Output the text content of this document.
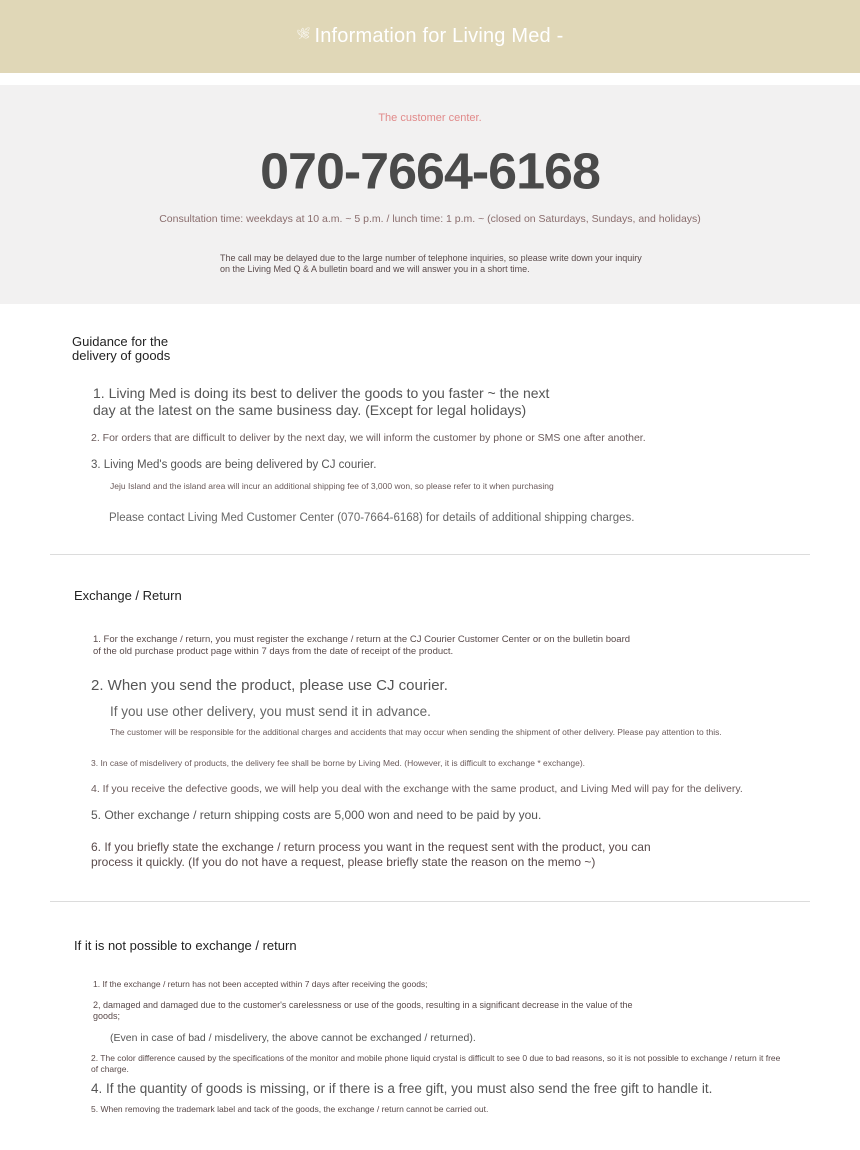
🌿︎ Information for Living Med -
The customer center.
070-7664-6168
Consultation time: weekdays at 10 a.m. ~ 5 p.m. / lunch time: 1 p.m. ~ (closed on Saturdays, Sundays, and holidays)
The call may be delayed due to the large number of telephone inquiries, so please write down your inquiry on the Living Med Q & A bulletin board and we will answer you in a short time.
Guidance for the delivery of goods
1. Living Med is doing its best to deliver the goods to you faster ~ the next day at the latest on the same business day. (Except for legal holidays)
2. For orders that are difficult to deliver by the next day, we will inform the customer by phone or SMS one after another.
3. Living Med's goods are being delivered by CJ courier.
Jeju Island and the island area will incur an additional shipping fee of 3,000 won, so please refer to it when purchasing
Please contact Living Med Customer Center (070-7664-6168) for details of additional shipping charges.
Exchange / Return
1. For the exchange / return, you must register the exchange / return at the CJ Courier Customer Center or on the bulletin board of the old purchase product page within 7 days from the date of receipt of the product.
2. When you send the product, please use CJ courier.
If you use other delivery, you must send it in advance.
The customer will be responsible for the additional charges and accidents that may occur when sending the shipment of other delivery. Please pay attention to this.
3. In case of misdelivery of products, the delivery fee shall be borne by Living Med. (However, it is difficult to exchange * exchange).
4. If you receive the defective goods, we will help you deal with the exchange with the same product, and Living Med will pay for the delivery.
5. Other exchange / return shipping costs are 5,000 won and need to be paid by you.
6. If you briefly state the exchange / return process you want in the request sent with the product, you can process it quickly. (If you do not have a request, please briefly state the reason on the memo ~)
If it is not possible to exchange / return
1. If the exchange / return has not been accepted within 7 days after receiving the goods;
2, damaged and damaged due to the customer's carelessness or use of the goods, resulting in a significant decrease in the value of the goods;
(Even in case of bad / misdelivery, the above cannot be exchanged / returned).
2. The color difference caused by the specifications of the monitor and mobile phone liquid crystal is difficult to see 0 due to bad reasons, so it is not possible to exchange / return it free of charge.
4. If the quantity of goods is missing, or if there is a free gift, you must also send the free gift to handle it.
5. When removing the trademark label and tack of the goods, the exchange / return cannot be carried out.
